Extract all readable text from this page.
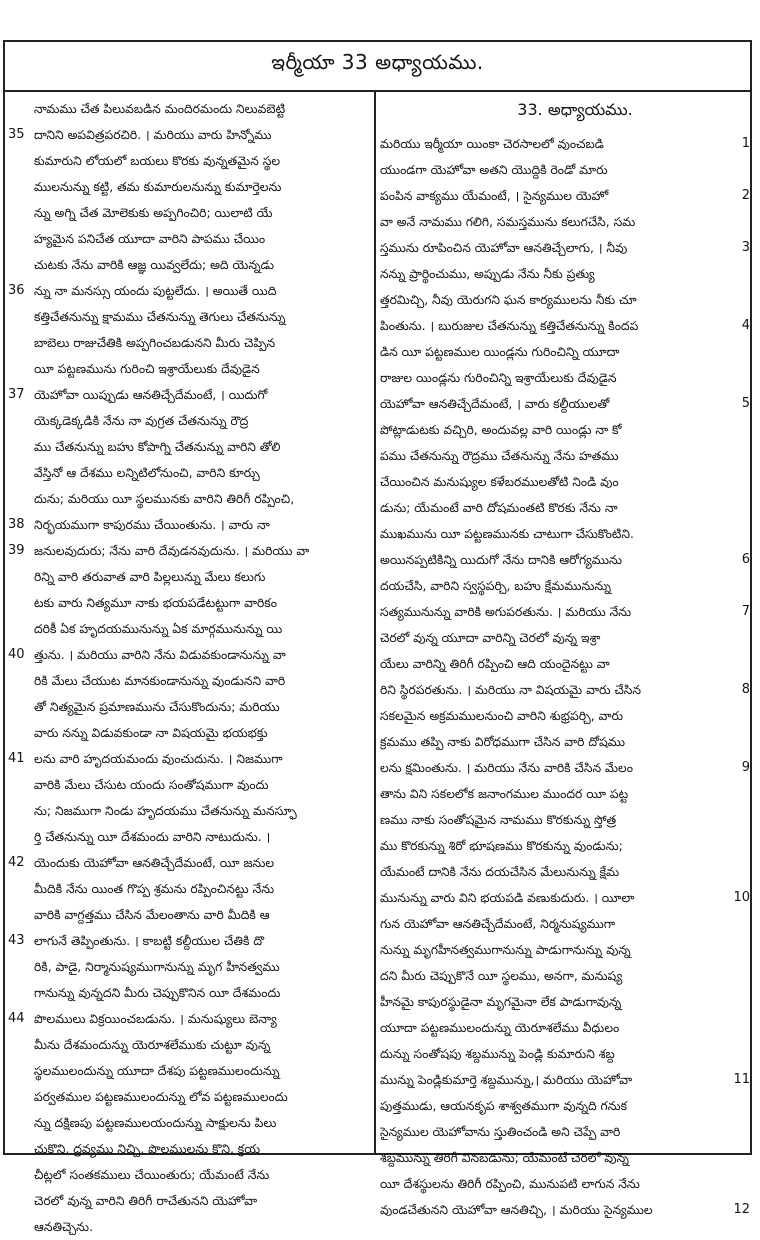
ఇర్మీయా 33 అధ్యాయము.
నామము చేత పిలువబడిన మందిరమందు నిలువబెట్టి
35 దానిని అపవిత్రపరచిరి. । మరియు వారు హిన్నోము
కుమారుని లోయలో బయలు కొరకు వున్నతమైన స్థల
ములనున్ను కట్టి, తమ కుమారులనున్ను కుమార్తెలను
న్ను అగ్ని చేత మోలెకుకు అప్పగించిరి; యిలాటి యే
హ్యమైన పనిచేత యూదా వారిని పాపము చేయిం
చుటకు నేను వారికి ఆజ్ఞ యివ్వలేదు; అది యెన్నడు
36 న్ను నా మనస్సు యందు పుట్టలేదు. । అయితే యిది
కత్తిచేతనున్ను క్షామము చేతనున్ను తెగులు చేతనున్ను
బాబెలు రాజుచేతికి అప్పగించబడునని మీరు చెప్పిన
యీ పట్టణమును గురించి ఇశ్రాయేలుకు దేవుడైన
37 యెహోవా యిప్పుడు ఆనతిచ్చేదేమంటే, । యిదుగో
యెక్కడెక్కడికి నేను నా వుగ్రత చేతనున్ను రౌద్ర
ము చేతనున్ను బహు కోపాగ్ని చేతనున్ను వారిని తోలి
వేస్తినో ఆ దేశము లన్నిటిలోనుంచి, వారిని కూర్చు
దును; మరియు యీ స్థలమునకు వారిని తిరిగీ రప్పించి,
38 నిర్భయముగా కాపురము చేయింతును. । వారు నా
39 జనులవుదురు; నేను వారి దేవుడనవుదును. । మరియు వా
రిన్ని వారి తరువాత వారి పిల్లలున్ను మేలు కలుగు
టకు వారు నిత్యమూ నాకు భయపడేటట్టుగా వారికం
దరికీ ఏక హృదయమునున్ను ఏక మార్గమునున్ను యి
40 త్తును. । మరియు వారిని నేను విడువకుండానున్ను వా
రికి మేలు చేయుట మానకుండానున్ను వుండునని వారి
తో నిత్యమైన ప్రమాణమును చేసుకొందును; మరియు
వారు నన్ను విడువకుండా నా విషయమై భయభక్తు
41 లను వారి హృదయమందు వుంచుదును. । నిజముగా
వారికి మేలు చేసుట యందు సంతోషముగా వుందు
ను; నిజముగా నిండు హృదయము చేతనున్ను మనస్ఫూ
ర్తి చేతనున్ను యీ దేశమందు వారిని నాటుదును. ।
42 యెందుకు యెహోవా ఆనతిచ్చేదేమంటే, యీ జనుల
మీదికి నేను యింత గొప్ప శ్రమను రప్పించినట్టు నేను
వారికి వాగ్దత్తము చేసిన మేలంతాను వారి మీదికి ఆ
43 లాగునే తెప్పింతును. । కాబట్టి కల్దీయుల చేతికి దొ
రికి, పాడై, నిర్మానుష్యముగానున్ను మృగ హీనత్వము
గానున్ను వున్నదని మీరు చెప్పుకొనిన యీ దేశమందు
44 పొలములు విక్రయించబడును. । మనుష్యులు బెన్యా
మీను దేశమందున్ను యెరూశలేముకు చుట్టూ వున్న
స్థలములందున్ను యూదా దేశపు పట్టణములందున్ను
పర్వతముల పట్టణములందున్ను లోవ పట్టణములందు
న్ను దక్షిణపు పట్టణములయందున్ను సాక్షులను పిలు
చుకొని, ద్రవ్యము నిచ్చి, పొలములను కొని, క్రయ
చీట్లలో సంతకములు చేయింతురు; యేమంటే నేను
చెరలో వున్న వారిని తిరిగీ రాచేతునని యెహోవా
ఆనతిచ్చెను.
33. అధ్యాయము.
1
మరియు ఇర్మీయా యింకా చెరసాలలో వుంచబడి
యుండగా యెహోవా అతని యొద్దికి రెండో మారు
2
పంపిన వాక్యము యేమంటే, । సైన్యముల యెహో
వా అనే నామము గలిగి, సమస్తమును కలుగచేసి, సమ
3
స్తమును రూపించిన యెహోవా ఆనతిచ్చేలాగు, । నీవు
నన్ను ప్రార్థించుము, అప్పుడు నేను నీకు ప్రత్యు
త్తరమిచ్చి, నీవు యెరుగని ఘన కార్యములను నీకు చూ
4
పింతును. । బురుజుల చేతనున్ను కత్తిచేతనున్ను కిందప
డిన యీ పట్టణముల యిండ్లను గురించిన్ని యూదా
రాజుల యిండ్లను గురించిన్ని ఇశ్రాయేలుకు దేవుడైన
5
యెహోవా ఆనతిచ్చేదేమంటే, । వారు కల్దీయులతో
పోట్లాడుటకు వచ్చిరి, అందువల్ల వారి యిండ్లు నా కో
పము చేతనున్ను రౌద్రము చేతనున్ను నేను హతము
చేయించిన మనుష్యుల కళేబరములతోటి నిండి వుం
డును; యేమంటే వారి దోషమంతటి కొరకు నేను నా
ముఖమును యీ పట్టణమునకు చాటుగా చేసుకొంటిని.
6
అయినప్పటికిన్ని యిదుగో నేను దానికి ఆరోగ్యమును
దయచేసి, వారిని స్వస్థపర్చి, బహు క్షేమమునున్ను
7
సత్యమునున్ను వారికి అగుపరతును. । మరియు నేను
చెరలో వున్న యూదా వారిన్ని చెరలో వున్న ఇశ్రా
యేలు వారిన్ని తిరిగీ రప్పించి ఆది యందైనట్టు వా
8
రిని స్థిరపరతును. । మరియు నా విషయమై వారు చేసిన
సకలమైన అక్రమములనుంచి వారిని శుభ్రపర్చి, వారు
క్రమము తప్పి నాకు విరోధముగా చేసిన వారి దోషము
9
లను క్షమింతును. । మరియు నేను వారికి చేసిన మేలం
తాను విని సకలలోక జనాంగముల ముందర యీ పట్ట
ణము నాకు సంతోషమైన నామము కొరకున్ను స్తోత్ర
ము కొరకున్ను శిరో భూషణము కొరకున్ను వుండును;
యేమంటే దానికి నేను దయచేసిన మేలునున్ను క్షేమ
10
మునున్ను వారు విని భయపడి వణుకుదురు. । యీలా
గున యెహోవా ఆనతిచ్చేదేమంటే, నిర్మనుష్యముగా
నున్ను మృగహీనత్వముగానున్ను పాడుగానున్ను వున్న
దని మీరు చెప్పుకొనే యీ స్థలము, అనగా, మనుష్య
హీనమై కాపురస్థుడైనా మృగమైనా లేక పాడుగావున్న
యూదా పట్టణములందున్ను యెరూశలేము వీధులం
దున్ను సంతోషపు శబ్దమున్ను పెండ్లి కుమారుని శబ్ద
11
మున్ను పెండ్లికుమార్తె శబ్దమున్ను,। మరియు యెహోవా
పుత్తముడు, ఆయనకృప శాశ్వతముగా వున్నది గనుక
సైన్యముల యెహోవాను స్తుతించండి అని చెప్పే వారి
శబ్దమున్ను తిరిగీ వినబడును; యేమంటే చెరలో వున్న
యీ దేశస్థులను తిరిగీ రప్పించి, మునుపటి లాగున నేను
12
వుండచేతునని యెహోవా ఆనతిచ్చి, । మరియు సైన్యముల
